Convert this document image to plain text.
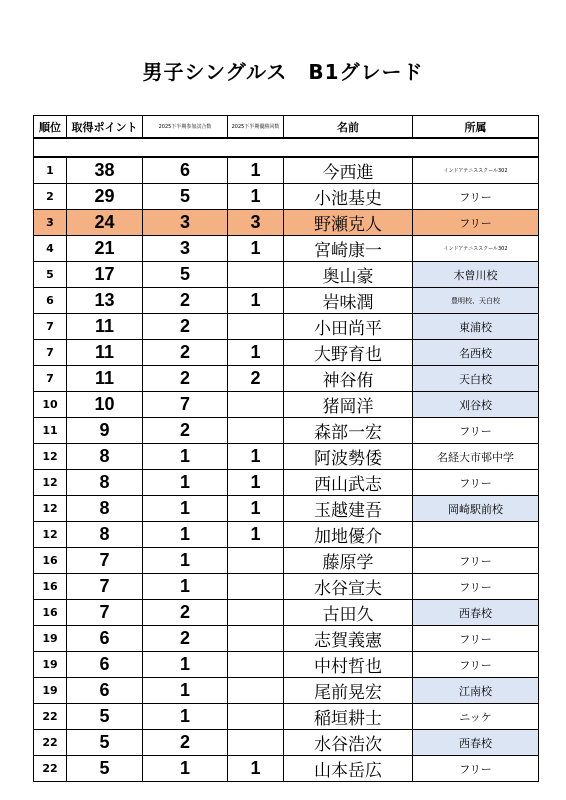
男子シングルス　B1グレード

順位	取得ポイント	2025下半期参加試合数	2025下半期優勝回数	名前	所属
1	38	6	1	今西進	インドアテニススクール302
2	29	5	1	小池基史	フリー
3	24	3	3	野瀬克人	フリー
4	21	3	1	宮崎康一	インドアテニススクール302
5	17	5		奥山豪	木曾川校
6	13	2	1	岩味潤	豊明校、天白校
7	11	2		小田尚平	東浦校
7	11	2	1	大野育也	名西校
7	11	2	2	神谷侑	天白校
10	10	7		猪岡洋	刈谷校
11	9	2		森部一宏	フリー
12	8	1	1	阿波勢倭	名経大市邨中学
12	8	1	1	西山武志	フリー
12	8	1	1	玉越建吾	岡崎駅前校
12	8	1	1	加地優介	
16	7	1		藤原学	フリー
16	7	1		水谷宣夫	フリー
16	7	2		古田久	西春校
19	6	2		志賀義憲	フリー
19	6	1		中村哲也	フリー
19	6	1		尾前晃宏	江南校
22	5	1		稲垣耕士	ニッケ
22	5	2		水谷浩次	西春校
22	5	1	1	山本岳広	フリー
